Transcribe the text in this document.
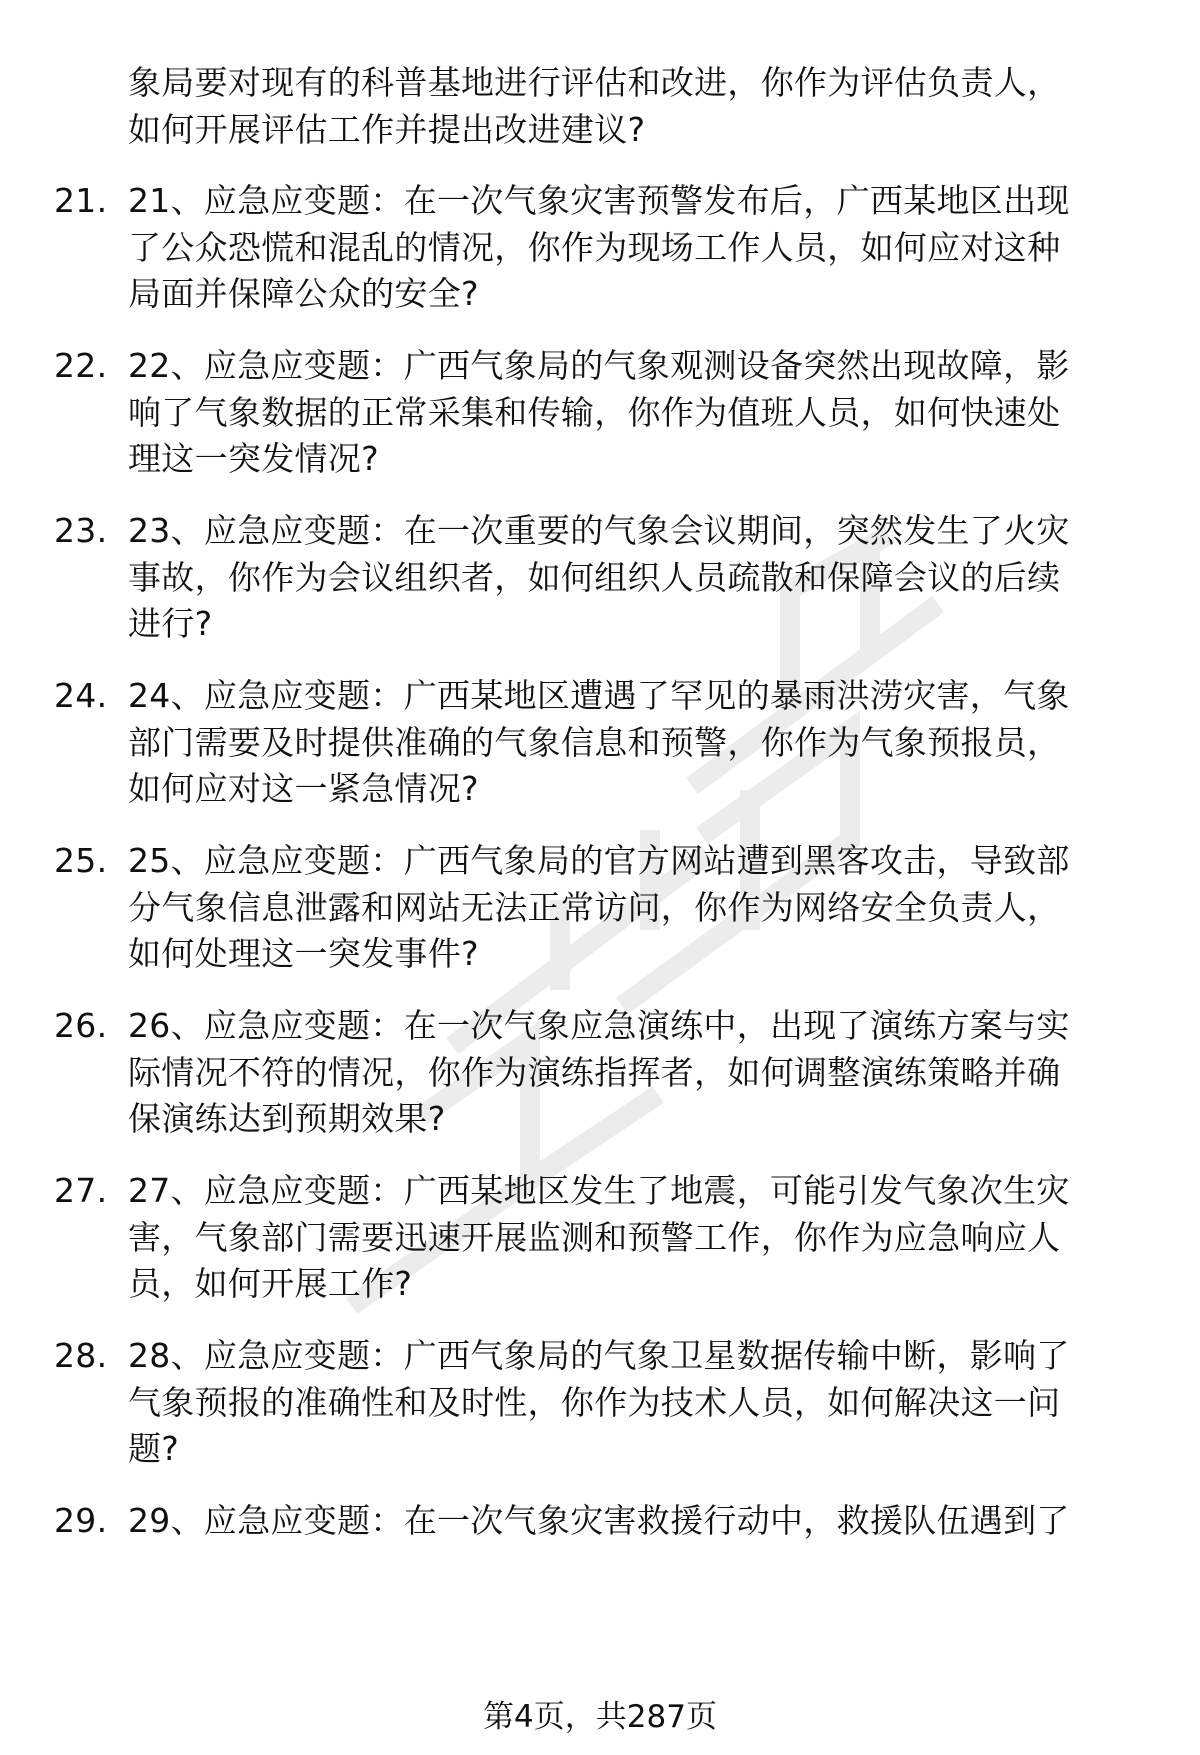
象局要对现有的科普基地进行评估和改进，你作为评估负责人，
如何开展评估工作并提出改进建议?
21. 21、应急应变题：在一次气象灾害预警发布后，广西某地区出现
了公众恐慌和混乱的情况，你作为现场工作人员，如何应对这种
局面并保障公众的安全?
22. 22、应急应变题：广西气象局的气象观测设备突然出现故障，影
响了气象数据的正常采集和传输，你作为值班人员，如何快速处
理这一突发情况?
23. 23、应急应变题：在一次重要的气象会议期间，突然发生了火灾
事故，你作为会议组织者，如何组织人员疏散和保障会议的后续
进行?
24. 24、应急应变题：广西某地区遭遇了罕见的暴雨洪涝灾害，气象
部门需要及时提供准确的气象信息和预警，你作为气象预报员，
如何应对这一紧急情况?
25. 25、应急应变题：广西气象局的官方网站遭到黑客攻击，导致部
分气象信息泄露和网站无法正常访问，你作为网络安全负责人，
如何处理这一突发事件?
26. 26、应急应变题：在一次气象应急演练中，出现了演练方案与实
际情况不符的情况，你作为演练指挥者，如何调整演练策略并确
保演练达到预期效果?
27. 27、应急应变题：广西某地区发生了地震，可能引发气象次生灾
害，气象部门需要迅速开展监测和预警工作，你作为应急响应人
员，如何开展工作?
28. 28、应急应变题：广西气象局的气象卫星数据传输中断，影响了
气象预报的准确性和及时性，你作为技术人员，如何解决这一问
题?
29. 29、应急应变题：在一次气象灾害救援行动中，救援队伍遇到了
第4页，共287页
